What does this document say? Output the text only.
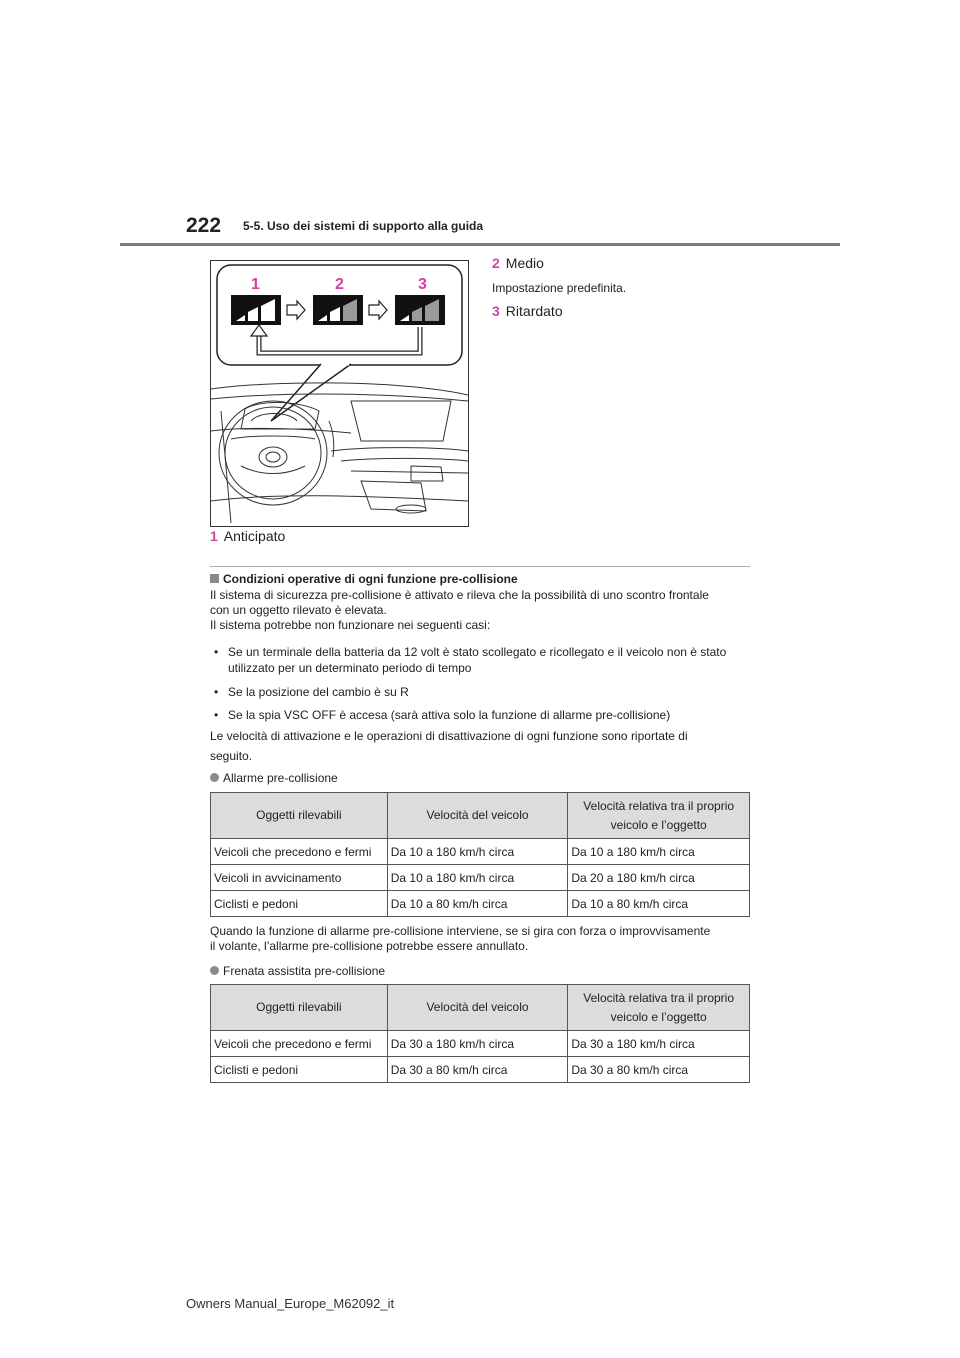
222 5-5. Uso dei sistemi di supporto alla guida
1	2	3
1 Anticipato
2 Medio
Impostazione predefinita.
3 Ritardato
Condizioni operative di ogni funzione pre-collisione
Il sistema di sicurezza pre-collisione è attivato e rileva che la possibilità di uno scontro frontale
con un oggetto rilevato è elevata.
Il sistema potrebbe non funzionare nei seguenti casi:
• Se un terminale della batteria da 12 volt è stato scollegato e ricollegato e il veicolo non è stato utilizzato per un determinato periodo di tempo
• Se la posizione del cambio è su R
• Se la spia VSC OFF è accesa (sarà attiva solo la funzione di allarme pre-collisione)
Le velocità di attivazione e le operazioni di disattivazione di ogni funzione sono riportate di
seguito.
Allarme pre-collisione
Oggetti rilevabili	Velocità del veicolo	Velocità relativa tra il proprio veicolo e l’oggetto
Veicoli che precedono e fermi	Da 10 a 180 km/h circa	Da 10 a 180 km/h circa
Veicoli in avvicinamento	Da 10 a 180 km/h circa	Da 20 a 180 km/h circa
Ciclisti e pedoni	Da 10 a 80 km/h circa	Da 10 a 80 km/h circa
Quando la funzione di allarme pre-collisione interviene, se si gira con forza o improvvisamente
il volante, l’allarme pre-collisione potrebbe essere annullato.
Frenata assistita pre-collisione
Oggetti rilevabili	Velocità del veicolo	Velocità relativa tra il proprio veicolo e l’oggetto
Veicoli che precedono e fermi	Da 30 a 180 km/h circa	Da 30 a 180 km/h circa
Ciclisti e pedoni	Da 30 a 80 km/h circa	Da 30 a 80 km/h circa
Owners Manual_Europe_M62092_it
